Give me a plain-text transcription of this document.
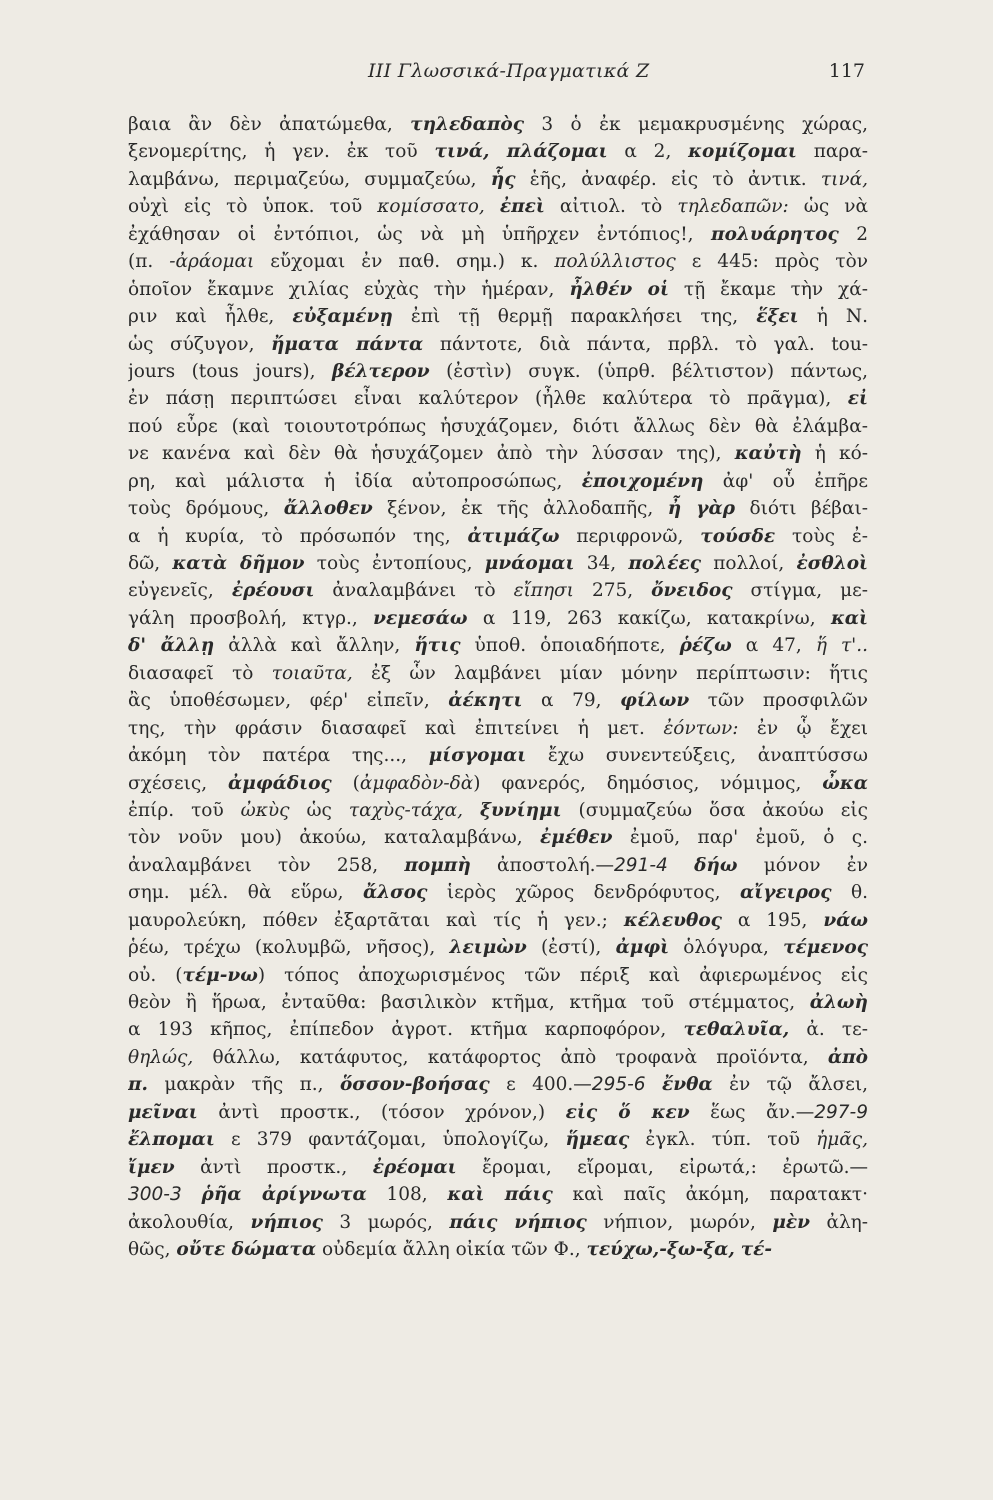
III Γλωσσικά-Πραγματικά Ζ	117
βαια ἂν δὲν ἀπατώμεθα, τηλεδαπὸς 3 ὁ ἐκ μεμακρυσμένης χώρας,
ξενομερίτης, ἡ γεν. ἐκ τοῦ τινά, πλάζομαι α 2, κομίζομαι παρα-
λαμβάνω, περιμαζεύω, συμμαζεύω, ἧς ἑῆς, ἀναφέρ. εἰς τὸ ἀντικ. τινά,
οὐχὶ εἰς τὸ ὑποκ. τοῦ κομίσσατο, ἐπεὶ αἰτιολ. τὸ τηλεδαπῶν: ὡς νὰ
ἐχάθησαν οἱ ἐντόπιοι, ὡς νὰ μὴ ὑπῆρχεν ἐντόπιος!, πολυάρητος 2
(π. -ἀράομαι εὔχομαι ἐν παθ. σημ.) κ. πολύλλιστος ε 445: πρὸς τὸν
ὁποῖον ἔκαμνε χιλίας εὐχὰς τὴν ἡμέραν, ἦλθέν οἱ τῇ ἔκαμε τὴν χά-
ριν καὶ ἦλθε, εὐξαμένῃ ἐπὶ τῇ θερμῇ παρακλήσει της, ἕξει ἡ Ν.
ὡς σύζυγον, ἤματα πάντα πάντοτε, διὰ πάντα, πρβλ. τὸ γαλ. tou-
jours (tous jours), βέλτερον (ἐστὶν) συγκ. (ὑπρθ. βέλτιστον) πάντως,
ἐν πάσῃ περιπτώσει εἶναι καλύτερον (ἦλθε καλύτερα τὸ πρᾶγμα), εἰ
πού εὖρε (καὶ τοιουτοτρόπως ἡσυχάζομεν, διότι ἄλλως δὲν θὰ ἐλάμβα-
νε κανένα καὶ δὲν θὰ ἡσυχάζομεν ἀπὸ τὴν λύσσαν της), καὐτὴ ἡ κό-
ρη, καὶ μάλιστα ἡ ἰδία αὐτοπροσώπως, ἐποιχομένη ἀφ' οὗ ἐπῆρε
τοὺς δρόμους, ἄλλοθεν ξένον, ἐκ τῆς ἀλλοδαπῆς, ἦ γὰρ διότι βέβαι-
α ἡ κυρία, τὸ πρόσωπόν της, ἀτιμάζω περιφρονῶ, τούσδε τοὺς ἐ-
δῶ, κατὰ δῆμον τοὺς ἐντοπίους, μνάομαι 34, πολέες πολλοί, ἐσθλοὶ
εὐγενεῖς, ἐρέουσι ἀναλαμβάνει τὸ εἴπησι 275, ὄνειδος στίγμα, με-
γάλη προσβολή, κτγρ., νεμεσάω α 119, 263 κακίζω, κατακρίνω, καὶ
δ' ἄλλῃ ἀλλὰ καὶ ἄλλην, ἥτις ὑποθ. ὁποιαδήποτε, ῥέζω α 47, ἥ τ'..
διασαφεῖ τὸ τοιαῦτα, ἐξ ὧν λαμβάνει μίαν μόνην περίπτωσιν: ἥτις
ἂς ὑποθέσωμεν, φέρ' εἰπεῖν, ἀέκητι α 79, φίλων τῶν προσφιλῶν
της, τὴν φράσιν διασαφεῖ καὶ ἐπιτείνει ἡ μετ. ἐόντων: ἐν ᾧ ἔχει
ἀκόμη τὸν πατέρα της..., μίσγομαι ἔχω συνεντεύξεις, ἀναπτύσσω
σχέσεις, ἀμφάδιος (ἀμφαδὸν-δὰ) φανερός, δημόσιος, νόμιμος, ὦκα
ἐπίρ. τοῦ ὠκὺς ὡς ταχὺς-τάχα, ξυνίημι (συμμαζεύω ὅσα ἀκούω εἰς
τὸν νοῦν μου) ἀκούω, καταλαμβάνω, ἐμέθεν ἐμοῦ, παρ' ἐμοῦ, ὁ ς.
ἀναλαμβάνει τὸν 258, πομπὴ ἀποστολή.—291-4 δήω μόνον ἐν
σημ. μέλ. θὰ εὕρω, ἄλσος ἱερὸς χῶρος δενδρόφυτος, αἴγειρος θ.
μαυρολεύκη, πόθεν ἐξαρτᾶται καὶ τίς ἡ γεν.; κέλευθος α 195, νάω
ῥέω, τρέχω (κολυμβῶ, νῆσος), λειμὼν (ἐστί), ἀμφὶ ὁλόγυρα, τέμενος
οὐ. (τέμ-νω) τόπος ἀποχωρισμένος τῶν πέριξ καὶ ἀφιερωμένος εἰς
θεὸν ἢ ἥρωα, ἐνταῦθα: βασιλικὸν κτῆμα, κτῆμα τοῦ στέμματος, ἀλωὴ
α 193 κῆπος, ἐπίπεδον ἀγροτ. κτῆμα καρποφόρον, τεθαλυῖα, ἀ. τε-
θηλώς, θάλλω, κατάφυτος, κατάφορτος ἀπὸ τροφανὰ προϊόντα, ἀπὸ
π. μακρὰν τῆς π., ὅσσον-βοήσας ε 400.—295-6 ἔνθα ἐν τῷ ἄλσει,
μεῖναι ἀντὶ προστκ., (τόσον χρόνον,) εἰς ὅ κεν ἕως ἄν.—297-9
ἔλπομαι ε 379 φαντάζομαι, ὑπολογίζω, ἥμεας ἐγκλ. τύπ. τοῦ ἡμᾶς,
ἴμεν ἀντὶ προστκ., ἐρέομαι ἔρομαι, εἴρομαι, εἰρωτά,: ἐρωτῶ.—
300-3 ῥῆα ἀρίγνωτα 108, καὶ πάις καὶ παῖς ἀκόμη, παρατακτ·
ἀκολουθία, νήπιος 3 μωρός, πάις νήπιος νήπιον, μωρόν, μὲν ἀλη-
θῶς, οὔτε δώματα οὐδεμία ἄλλη οἰκία τῶν Φ., τεύχω,-ξω-ξα, τέ-
